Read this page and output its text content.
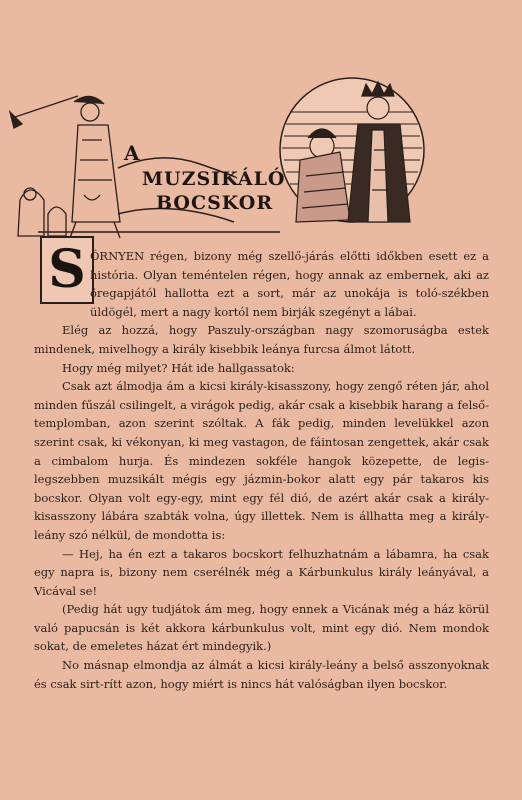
A
MUZSIKÁLÓ
BOCSKOR
S ÖRNYEN régen, bizony még szellő-járás előtti időkben esett ez a história. Olyan teméntelen régen, hogy annak az embernek, aki az öregapjától hallotta ezt a sort, már az unokája is toló-székben üldögél, mert a nagy kortól nem birják szegényt a lábai.

Elég az hozzá, hogy Paszuly-országban nagy szomoruságba estek mindenek, mivelhogy a király kisebbik leánya furcsa álmot látott.

Hogy még milyet? Hát ide hallgassatok:

Csak azt álmodja ám a kicsi király-kisasszony, hogy zengő réten jár, ahol minden fűszál csilingelt, a virágok pedig, akár csak a kisebbik harang a felső-templomban, azon szerint szóltak. A fák pedig, minden levelükkel azon szerint csak, ki vékonyan, ki meg vastagon, de fáintosan zengettek, akár csak a cimbalom hurja. És mindezen sokféle hangok közepette, de legis-legszebben muzsikált mégis egy jázmin-bokor alatt egy pár takaros kis bocskor. Olyan volt egy-egy, mint egy fél dió, de azért akár csak a király-kisasszony lábára szabták volna, úgy illettek. Nem is állhatta meg a király-leány szó nélkül, de mondotta is:

— Hej, ha én ezt a takaros bocskort felhuzhatnám a lábamra, ha csak egy napra is, bizony nem cserélnék még a Kárbunkulus király leányával, a Vicával se!

(Pedig hát ugy tudjátok ám meg, hogy ennek a Vicának még a ház körül való papucsán is két akkora kárbunkulus volt, mint egy dió. Nem mondok sokat, de emeletes házat ért mindegyik.)

No másnap elmondja az álmát a kicsi király-leány a belső asszonyoknak és csak sirt-rítt azon, hogy miért is nincs hát valóságban ilyen bocskor.
